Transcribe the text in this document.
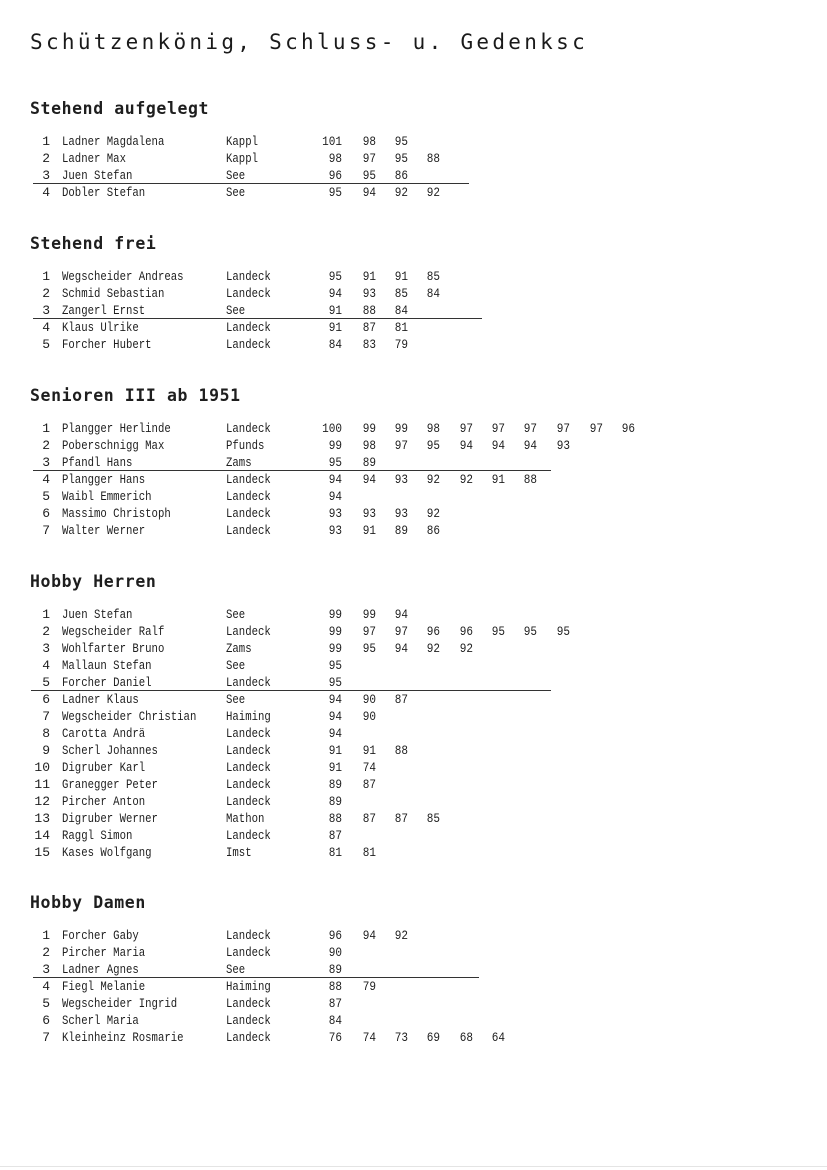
Schützenkönig, Schluss- u. Gedenksc
Stehend aufgelegt
1 Ladner Magdalena	Kappl	101	98	95
2 Ladner Max	Kappl	98	97	95	88
3 Juen Stefan	See	96	95	86
4 Dobler Stefan	See	95	94	92	92
Stehend frei
1 Wegscheider Andreas	Landeck	95	91	91	85
2 Schmid Sebastian	Landeck	94	93	85	84
3 Zangerl Ernst	See	91	88	84
4 Klaus Ulrike	Landeck	91	87	81
5 Forcher Hubert	Landeck	84	83	79
Senioren III ab 1951
1 Plangger Herlinde	Landeck	100	99	99	98	97	97	97	97	97	96
2 Poberschnigg Max	Pfunds	99	98	97	95	94	94	94	93
3 Pfandl Hans	Zams	95	89
4 Plangger Hans	Landeck	94	94	93	92	92	91	88
5 Waibl Emmerich	Landeck	94
6 Massimo Christoph	Landeck	93	93	93	92
7 Walter Werner	Landeck	93	91	89	86
Hobby Herren
1 Juen Stefan	See	99	99	94
2 Wegscheider Ralf	Landeck	99	97	97	96	96	95	95	95
3 Wohlfarter Bruno	Zams	99	95	94	92	92
4 Mallaun Stefan	See	95
5 Forcher Daniel	Landeck	95
6 Ladner Klaus	See	94	90	87
7 Wegscheider Christian Haiming	94	90
8 Carotta Andrä	Landeck	94
9 Scherl Johannes	Landeck	91	91	88
10 Digruber Karl	Landeck	91	74
11 Granegger Peter	Landeck	89	87
12 Pircher Anton	Landeck	89
13 Digruber Werner	Mathon	88	87	87	85
14 Raggl Simon	Landeck	87
15 Kases Wolfgang	Imst	81	81
Hobby Damen
1 Forcher Gaby	Landeck	96	94	92
2 Pircher Maria	Landeck	90
3 Ladner Agnes	See	89
4 Fiegl Melanie	Haiming	88	79
5 Wegscheider Ingrid	Landeck	87
6 Scherl Maria	Landeck	84
7 Kleinheinz Rosmarie	Landeck	76	74	73	69	68	64
